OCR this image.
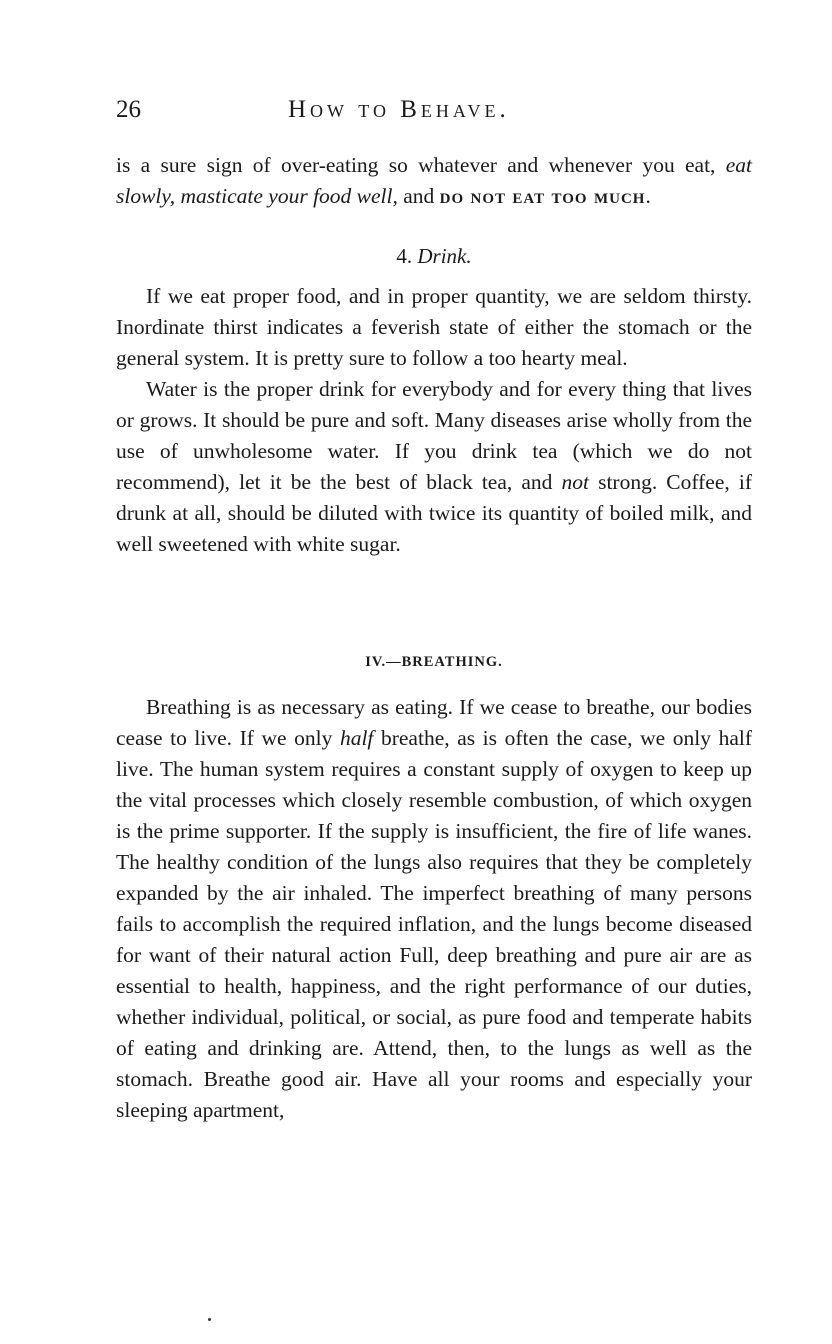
26	How to Behave.

is a sure sign of over-eating so whatever and whenever you eat, eat slowly, masticate your food well, and do not eat too much.

4. Drink.

If we eat proper food, and in proper quantity, we are seldom thirsty. Inordinate thirst indicates a feverish state of either the stomach or the general system. It is pretty sure to follow a too hearty meal.

Water is the proper drink for everybody and for every thing that lives or grows. It should be pure and soft. Many diseases arise wholly from the use of unwholesome water. If you drink tea (which we do not recommend), let it be the best of black tea, and not strong. Coffee, if drunk at all, should be diluted with twice its quantity of boiled milk, and well sweetened with white sugar.

IV.—BREATHING.

Breathing is as necessary as eating. If we cease to breathe, our bodies cease to live. If we only half breathe, as is often the case, we only half live. The human system requires a constant supply of oxygen to keep up the vital processes which closely resemble combustion, of which oxygen is the prime supporter. If the supply is insufficient, the fire of life wanes. The healthy condition of the lungs also requires that they be completely expanded by the air inhaled. The imperfect breathing of many persons fails to accomplish the required inflation, and the lungs become diseased for want of their natural action Full, deep breathing and pure air are as essential to health, happiness, and the right performance of our duties, whether individual, political, or social, as pure food and temperate habits of eating and drinking are. Attend, then, to the lungs as well as the stomach. Breathe good air. Have all your rooms and especially your sleeping apartment,
